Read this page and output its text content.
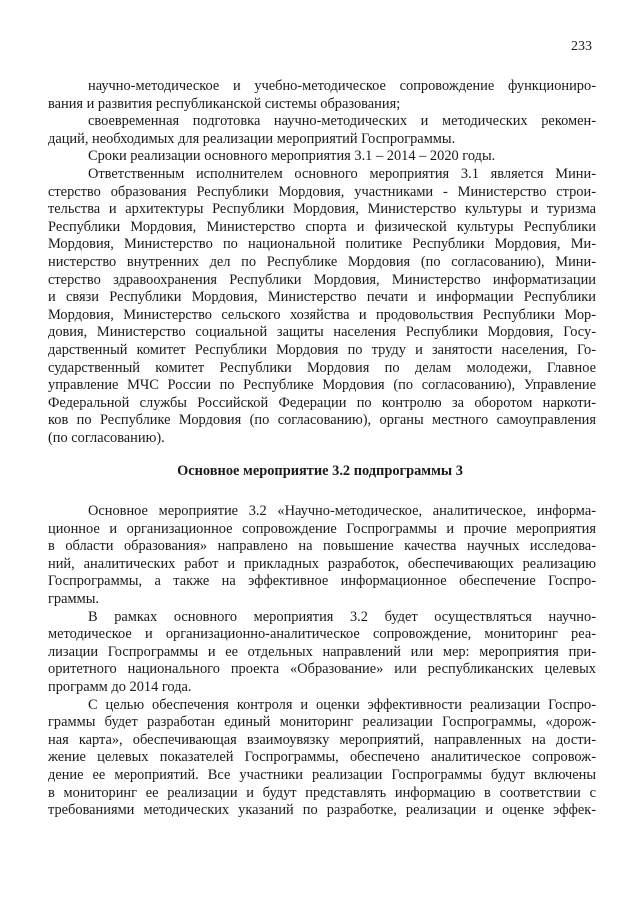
233
научно-методическое и учебно-методическое сопровождение функциониро-
вания и развития республиканской системы образования;
своевременная подготовка научно-методических и методических рекомен-
даций, необходимых для реализации мероприятий Госпрограммы.
Сроки реализации основного мероприятия 3.1 – 2014 – 2020 годы.
Ответственным исполнителем основного мероприятия 3.1 является Мини-
стерство образования Республики Мордовия, участниками - Министерство строи-
тельства и архитектуры Республики Мордовия, Министерство культуры и туризма
Республики Мордовия, Министерство спорта и физической культуры Республики
Мордовия, Министерство по национальной политике Республики Мордовия, Ми-
нистерство внутренних дел по Республике Мордовия (по согласованию), Мини-
стерство здравоохранения Республики Мордовия, Министерство информатизации
и связи Республики Мордовия, Министерство печати и информации Республики
Мордовия, Министерство сельского хозяйства и продовольствия Республики Мор-
довия, Министерство социальной защиты населения Республики Мордовия, Госу-
дарственный комитет Республики Мордовия по труду и занятости населения, Го-
сударственный комитет Республики Мордовия по делам молодежи, Главное
управление МЧС России по Республике Мордовия (по согласованию), Управление
Федеральной службы Российской Федерации по контролю за оборотом наркоти-
ков по Республике Мордовия (по согласованию), органы местного самоуправления
(по согласованию).
Основное мероприятие 3.2 подпрограммы 3
Основное мероприятие 3.2 «Научно-методическое, аналитическое, информа-
ционное и организационное сопровождение Госпрограммы и прочие мероприятия
в области образования» направлено на повышение качества научных исследова-
ний, аналитических работ и прикладных разработок, обеспечивающих реализацию
Госпрограммы, а также на эффективное информационное обеспечение Госпро-
граммы.
В рамках основного мероприятия 3.2 будет осуществляться научно-
методическое и организационно-аналитическое сопровождение, мониторинг реа-
лизации Госпрограммы и ее отдельных направлений или мер: мероприятия при-
оритетного национального проекта «Образование» или республиканских целевых
программ до 2014 года.
С целью обеспечения контроля и оценки эффективности реализации Госпро-
граммы будет разработан единый мониторинг реализации Госпрограммы, «дорож-
ная карта», обеспечивающая взаимоувязку мероприятий, направленных на дости-
жение целевых показателей Госпрограммы, обеспечено аналитическое сопровож-
дение ее мероприятий. Все участники реализации Госпрограммы будут включены
в мониторинг ее реализации и будут представлять информацию в соответствии с
требованиями методических указаний по разработке, реализации и оценке эффек-
